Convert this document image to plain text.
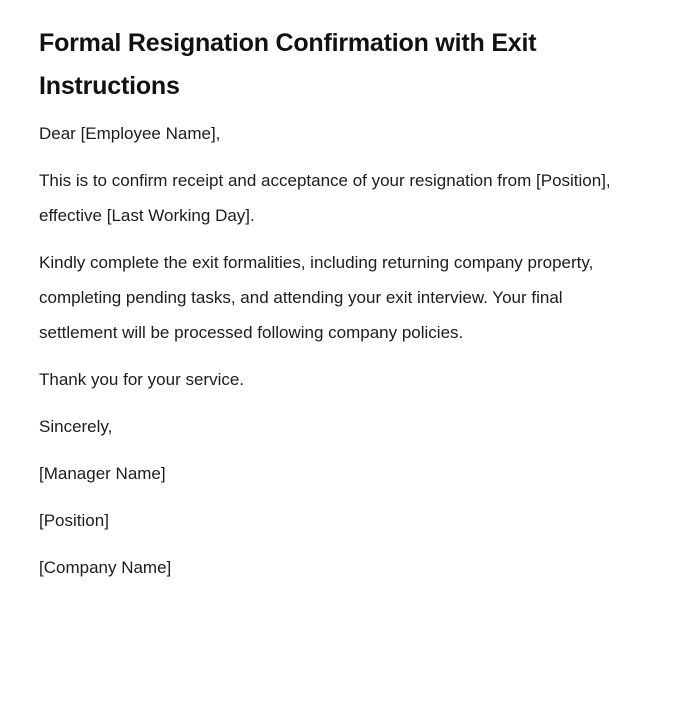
Formal Resignation Confirmation with Exit Instructions

Dear [Employee Name],

This is to confirm receipt and acceptance of your resignation from [Position], effective [Last Working Day].

Kindly complete the exit formalities, including returning company property, completing pending tasks, and attending your exit interview. Your final settlement will be processed following company policies.

Thank you for your service.

Sincerely,

[Manager Name]

[Position]

[Company Name]
